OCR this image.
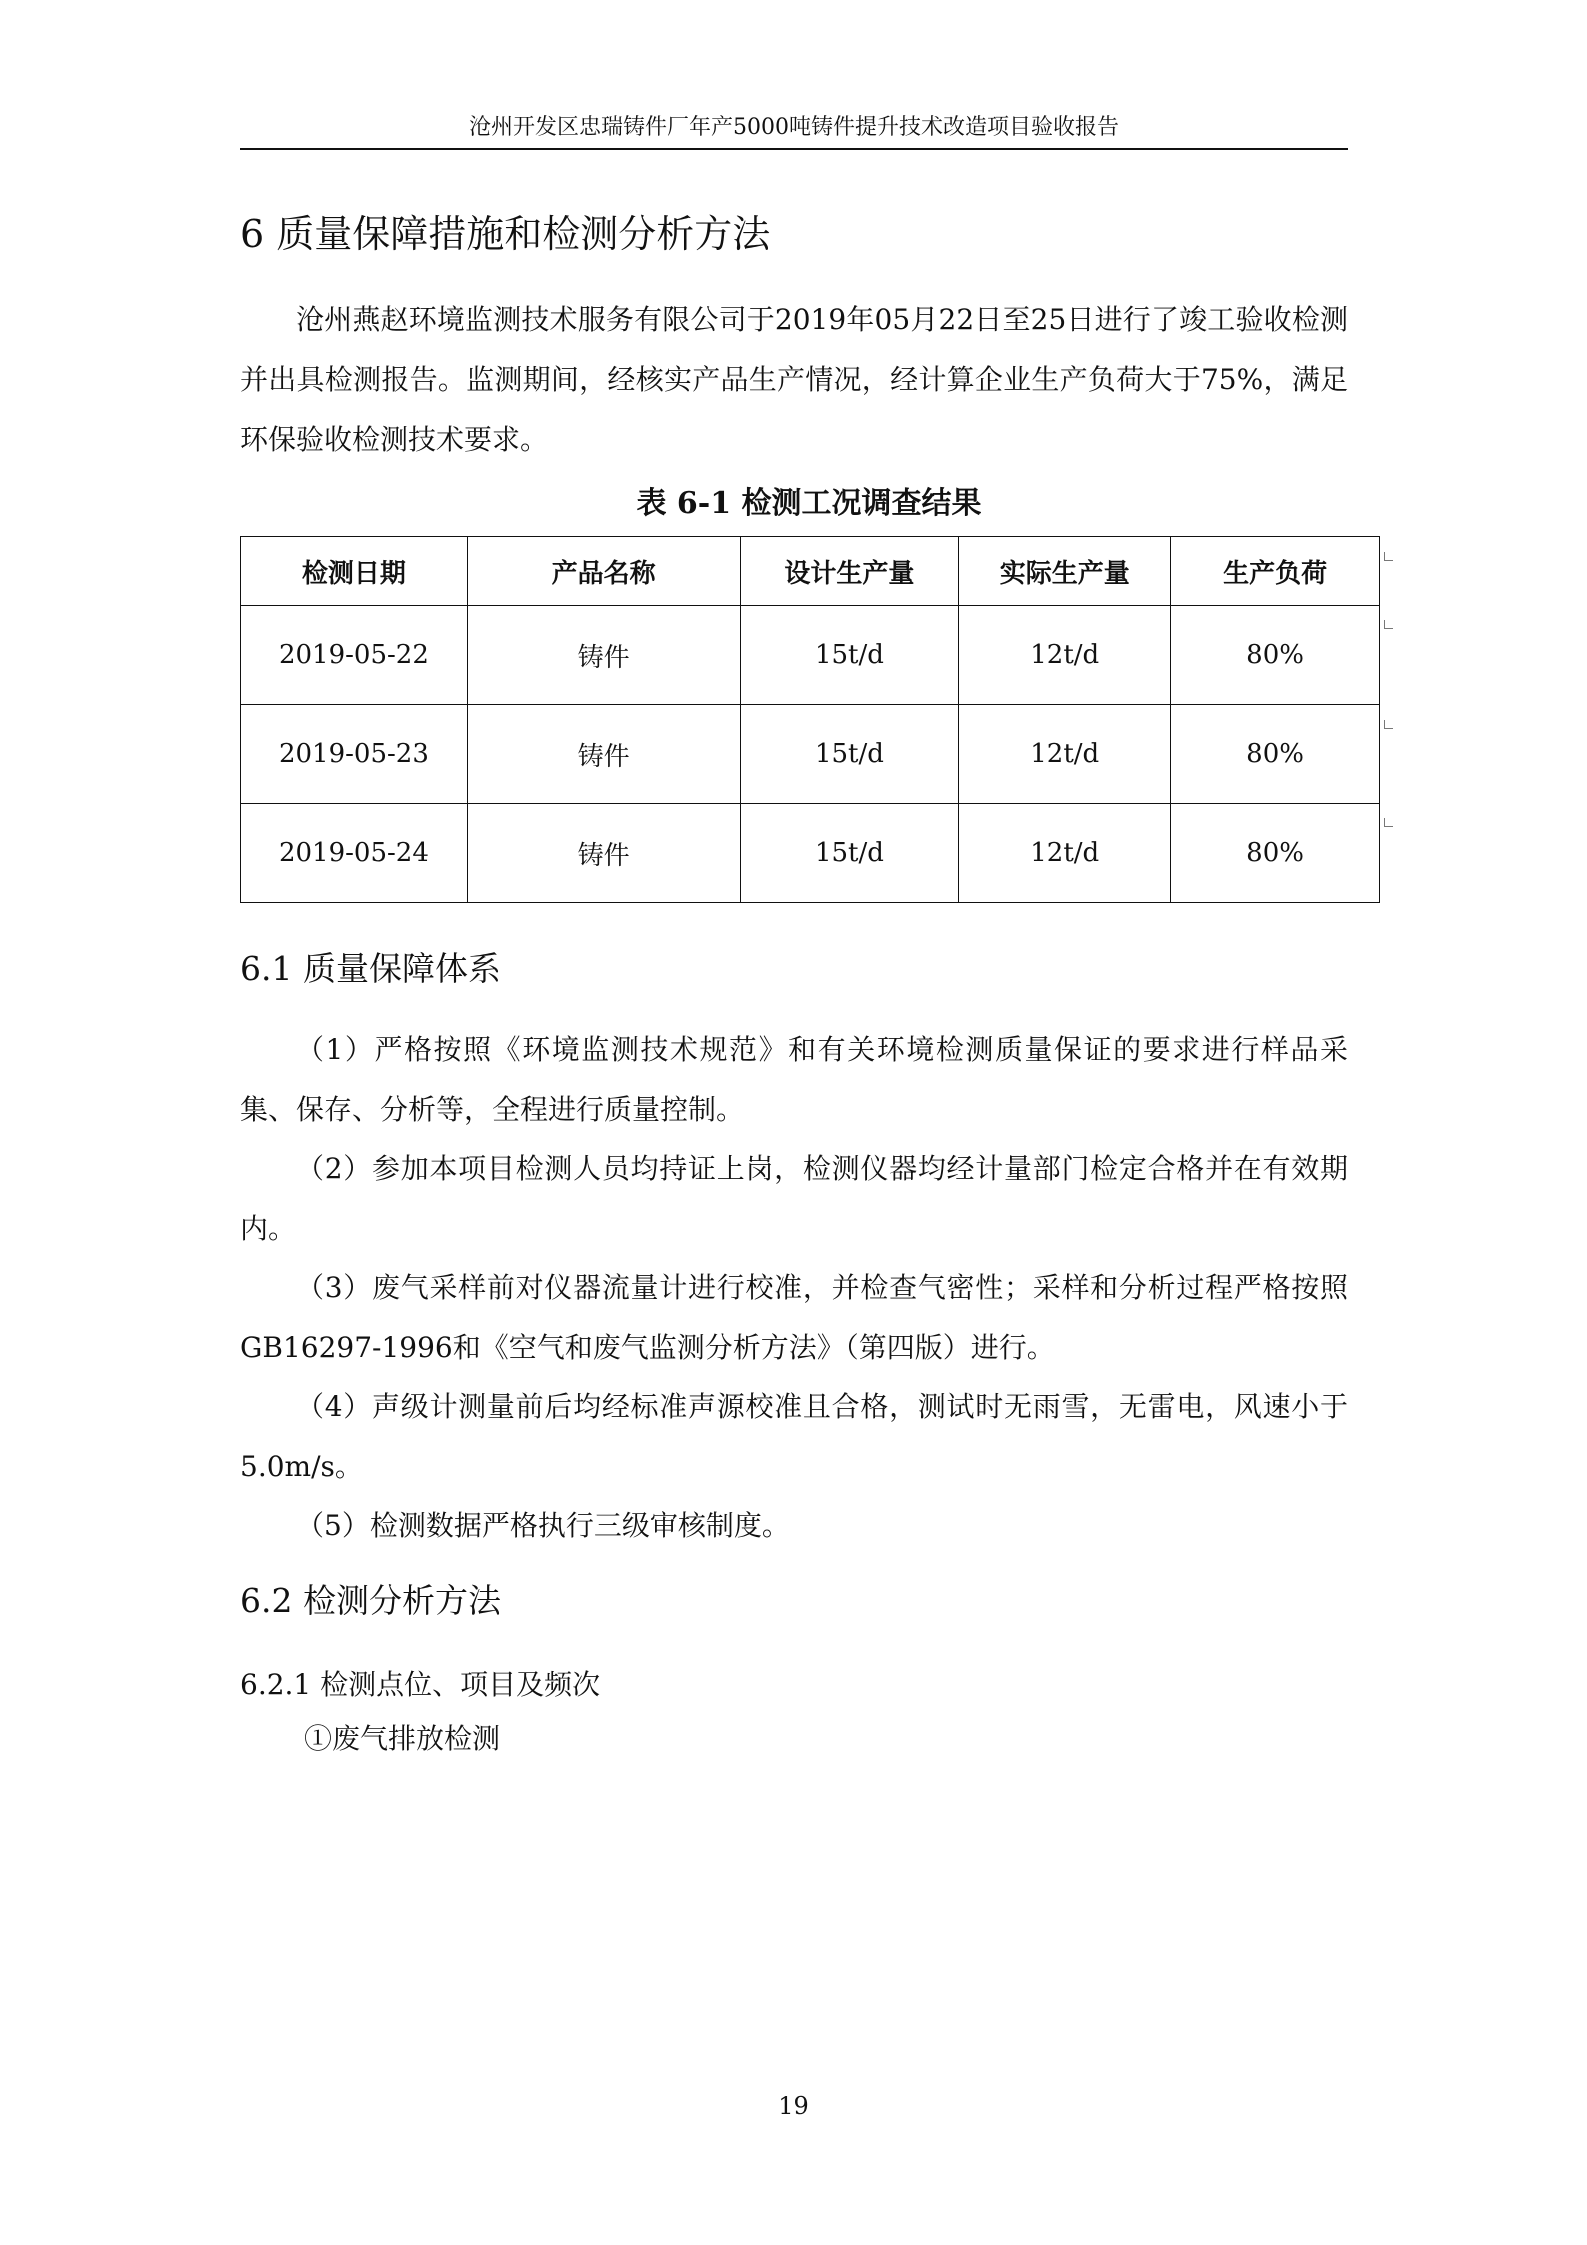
沧州开发区忠瑞铸件厂年产5000吨铸件提升技术改造项目验收报告
6 质量保障措施和检测分析方法
沧州燕赵环境监测技术服务有限公司于2019年05月22日至25日进行了竣工验收检测并出具检测报告。监测期间，经核实产品生产情况，经计算企业生产负荷大于75%，满足环保验收检测技术要求。
表 6-1 检测工况调查结果
检测日期	产品名称	设计生产量	实际生产量	生产负荷
2019-05-22	铸件	15t/d	12t/d	80%
2019-05-23	铸件	15t/d	12t/d	80%
2019-05-24	铸件	15t/d	12t/d	80%
6.1 质量保障体系
（1）严格按照《环境监测技术规范》和有关环境检测质量保证的要求进行样品采集、保存、分析等，全程进行质量控制。
（2）参加本项目检测人员均持证上岗，检测仪器均经计量部门检定合格并在有效期内。
（3）废气采样前对仪器流量计进行校准，并检查气密性；采样和分析过程严格按照GB16297-1996和《空气和废气监测分析方法》（第四版）进行。
（4）声级计测量前后均经标准声源校准且合格，测试时无雨雪，无雷电，风速小于5.0m/s。
（5）检测数据严格执行三级审核制度。
6.2 检测分析方法
6.2.1 检测点位、项目及频次
①废气排放检测
19
